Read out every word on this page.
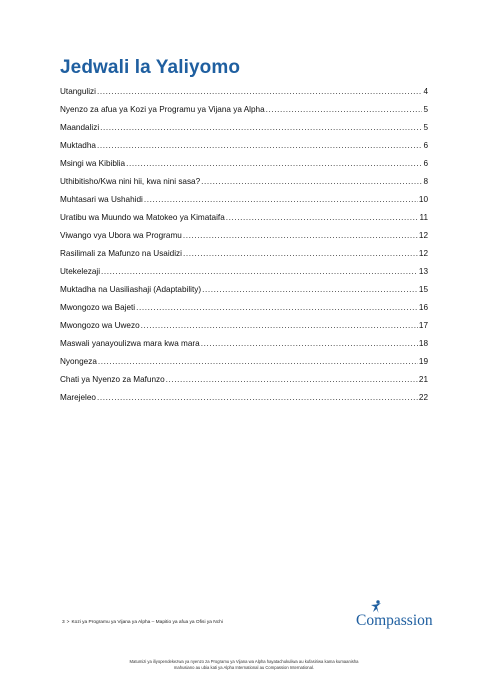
Jedwali la Yaliyomo
Utangulizi .....	4
Nyenzo za afua ya Kozi ya Programu ya Vijana ya Alpha .....	5
Maandalizi .....	5
Muktadha .....	6
Msingi wa Kibiblia .....	6
Uthibitisho/Kwa nini hii, kwa nini sasa? .....	8
Muhtasari wa Ushahidi .....	10
Uratibu wa Muundo wa Matokeo ya Kimataifa .....	11
Viwango vya Ubora wa Programu .....	12
Rasilimali za Mafunzo na Usaidizi .....	12
Utekelezaji .....	13
Muktadha na Uasiliashaji (Adaptability) .....	15
Mwongozo wa Bajeti .....	16
Mwongozo wa Uwezo .....	17
Maswali yanayoulizwa mara kwa mara .....	18
Nyongeza .....	19
Chati ya Nyenzo za Mafunzo .....	21
Marejeleo .....	22
3 > Kozi ya Programu ya Vijana ya Alpha – Mapitio ya afua ya Ofisi ya Nchi	Compassion
Matumizi ya iliyopendekezwa ya nyenzo za Programu ya Vijana wa Alpha hayatachukuliwa au kufasiriwa kama kumaanisha mahusiano au ubia kati ya Alpha International au Compassion International.
